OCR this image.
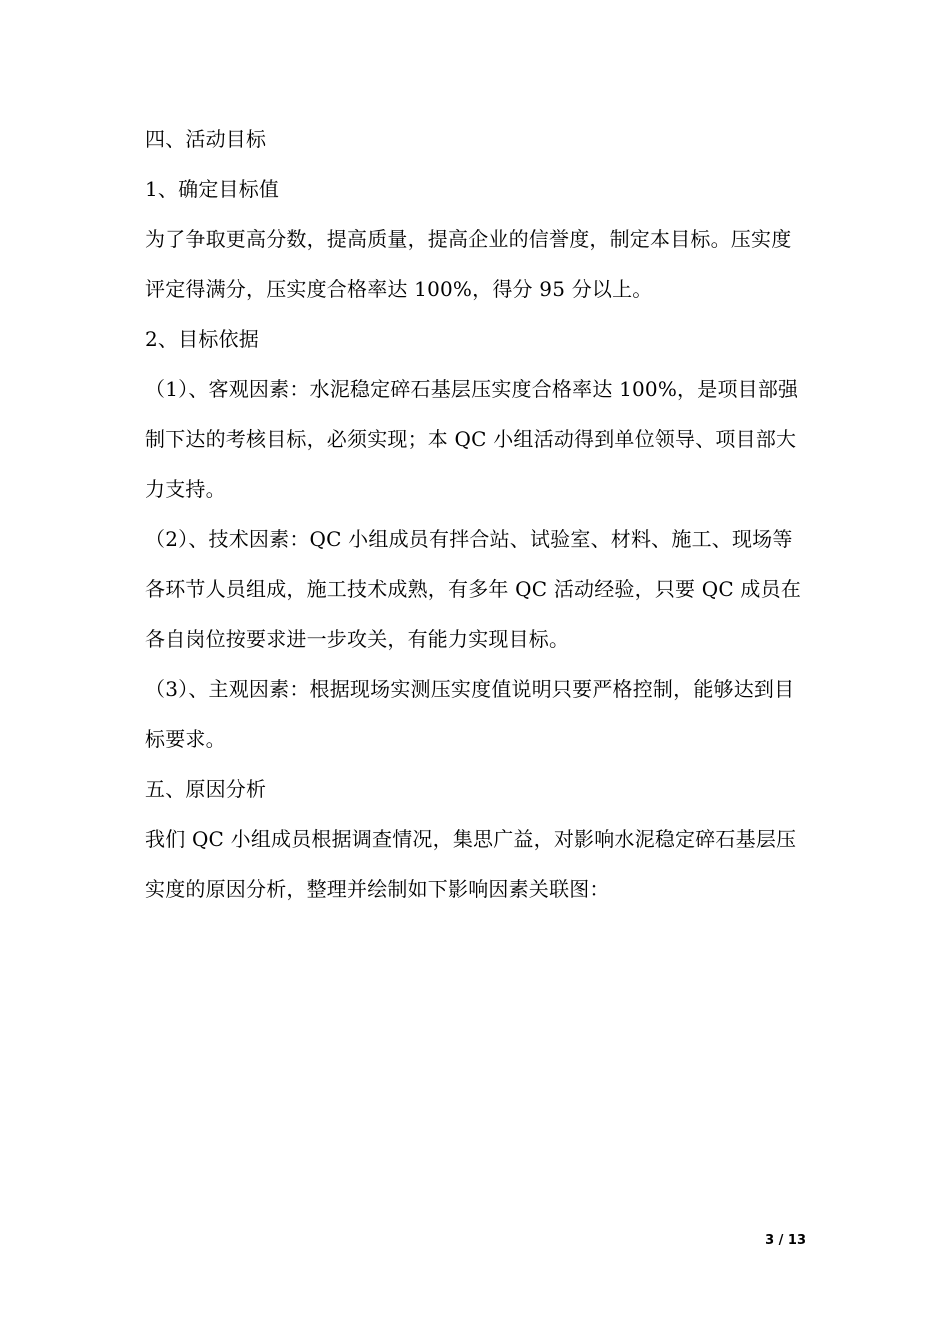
四、活动目标

1、确定目标值

为了争取更高分数，提高质量，提高企业的信誉度，制定本目标。压实度评定得满分，压实度合格率达 100%，得分 95 分以上。

2、目标依据

（1）、客观因素：水泥稳定碎石基层压实度合格率达 100%，是项目部强制下达的考核目标，必须实现；本 QC 小组活动得到单位领导、项目部大力支持。

（2）、技术因素：QC 小组成员有拌合站、试验室、材料、施工、现场等各环节人员组成，施工技术成熟，有多年 QC 活动经验，只要 QC 成员在各自岗位按要求进一步攻关，有能力实现目标。

（3）、主观因素：根据现场实测压实度值说明只要严格控制，能够达到目标要求。

五、原因分析

我们 QC 小组成员根据调查情况，集思广益，对影响水泥稳定碎石基层压实度的原因分析，整理并绘制如下影响因素关联图：

3 / 13
